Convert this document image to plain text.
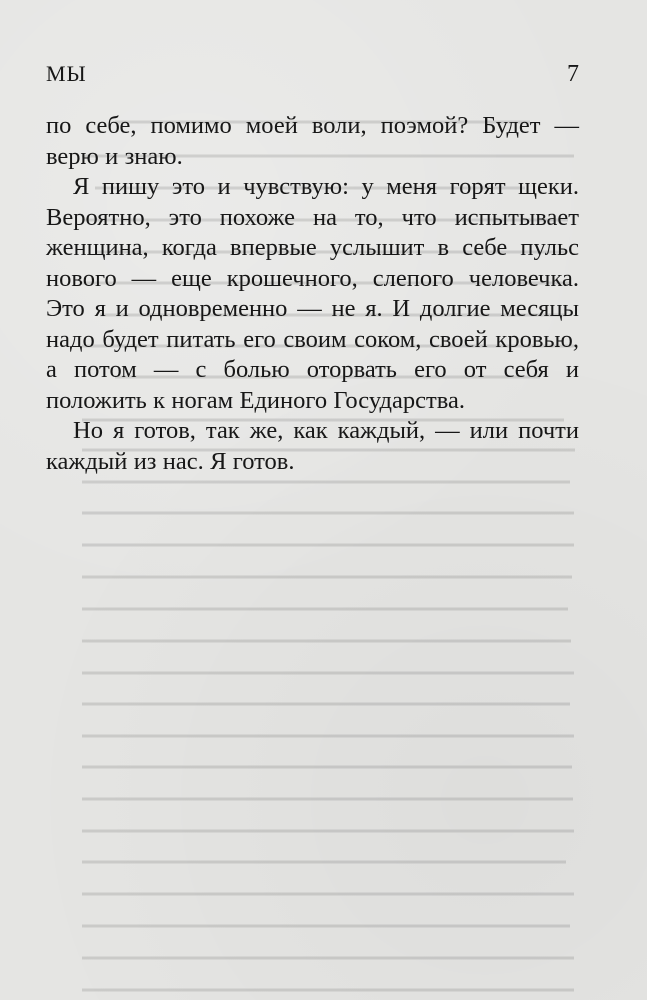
МЫ	7

по себе, помимо моей воли, поэмой? Будет — верю и знаю.

Я пишу это и чувствую: у меня горят щеки. Вероятно, это похоже на то, что испытывает женщина, когда впервые услышит в себе пульс нового — еще крошечного, слепого человечка. Это я и одновременно — не я. И долгие месяцы надо будет питать его своим соком, своей кровью, а потом — с болью оторвать его от себя и положить к ногам Единого Государства.

Но я готов, так же, как каждый, — или почти каждый из нас. Я готов.
